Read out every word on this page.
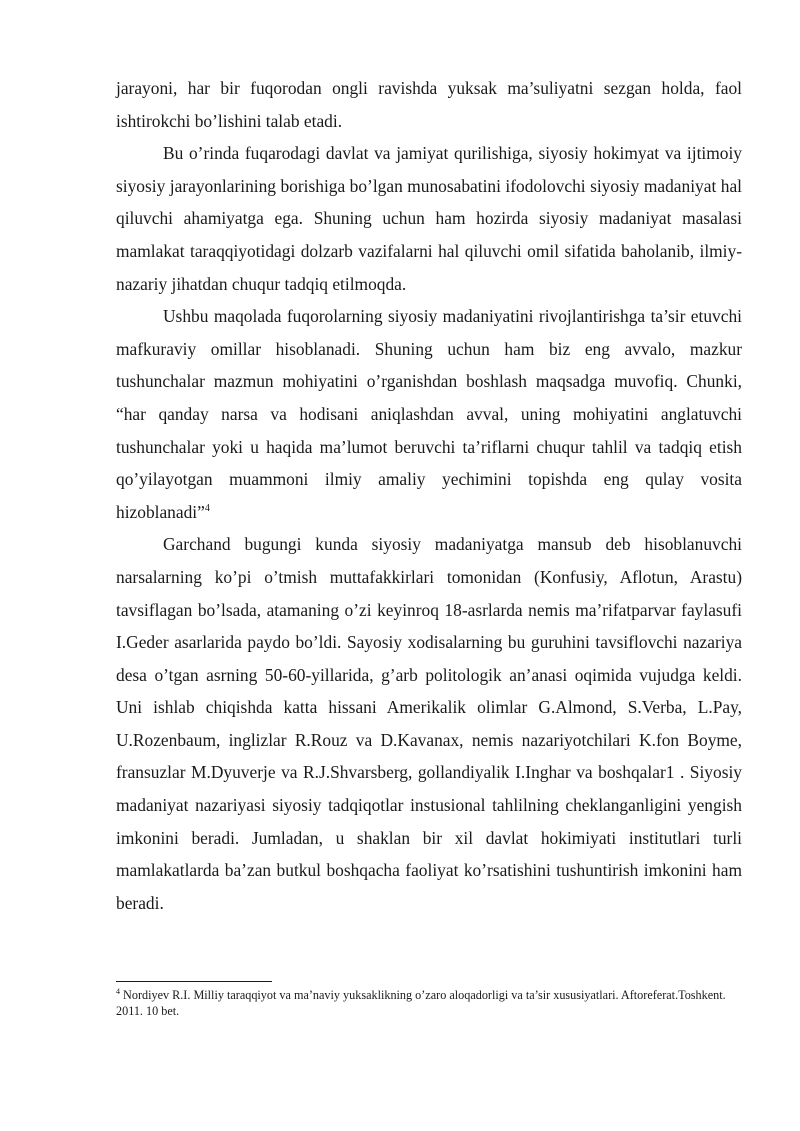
jarayoni, har bir fuqorodan ongli ravishda yuksak ma’suliyatni sezgan holda, faol ishtirokchi bo’lishini talab etadi.

Bu o’rinda fuqarodagi davlat va jamiyat qurilishiga, siyosiy hokimyat va ijtimoiy siyosiy jarayonlarining borishiga bo’lgan munosabatini ifodolovchi siyosiy madaniyat hal qiluvchi ahamiyatga ega. Shuning uchun ham hozirda siyosiy madaniyat masalasi mamlakat taraqqiyotidagi dolzarb vazifalarni hal qiluvchi omil sifatida baholanib, ilmiy-nazariy jihatdan chuqur tadqiq etilmoqda.

Ushbu maqolada fuqorolarning siyosiy madaniyatini rivojlantirishga ta’sir etuvchi mafkuraviy omillar hisoblanadi. Shuning uchun ham biz eng avvalo, mazkur tushunchalar mazmun mohiyatini o’rganishdan boshlash maqsadga muvofiq. Chunki, “har qanday narsa va hodisani aniqlashdan avval, uning mohiyatini anglatuvchi tushunchalar yoki u haqida ma’lumot beruvchi ta’riflarni chuqur tahlil va tadqiq etish qo’yilayotgan muammoni ilmiy amaliy yechimini topishda eng qulay vosita hizoblanadi”$^4$

Garchand bugungi kunda siyosiy madaniyatga mansub deb hisoblanuvchi narsalarning ko’pi o’tmish muttafakkirlari tomonidan (Konfusiy, Aflotun, Arastu) tavsiflagan bo’lsada, atamaning o’zi keyinroq 18-asrlarda nemis ma’rifatparvar faylasufi I.Geder asarlarida paydo bo’ldi. Sayosiy xodisalarning bu guruhini tavsiflovchi nazariya desa o’tgan asrning 50-60-yillarida, g’arb politologik an’anasi oqimida vujudga keldi. Uni ishlab chiqishda katta hissani Amerikalik olimlar G.Almond, S.Verba, L.Pay, U.Rozenbaum, inglizlar R.Rouz va D.Kavanax, nemis nazariyotchilari K.fon Boyme, fransuzlar M.Dyuverje va R.J.Shvarsberg, gollandiyalik I.Inghar va boshqalar1 . Siyosiy madaniyat nazariyasi siyosiy tadqiqotlar instusional tahlilning cheklanganligini yengish imkonini beradi. Jumladan, u shaklan bir xil davlat hokimiyati institutlari turli mamlakatlarda ba’zan butkul boshqacha faoliyat ko’rsatishini tushuntirish imkonini ham beradi.

$^4$ Nordiyev R.I. Milliy taraqqiyot va ma’naviy yuksaklikning o’zaro aloqadorligi va ta’sir xususiyatlari. Aftoreferat.Toshkent. 2011. 10 bet.
